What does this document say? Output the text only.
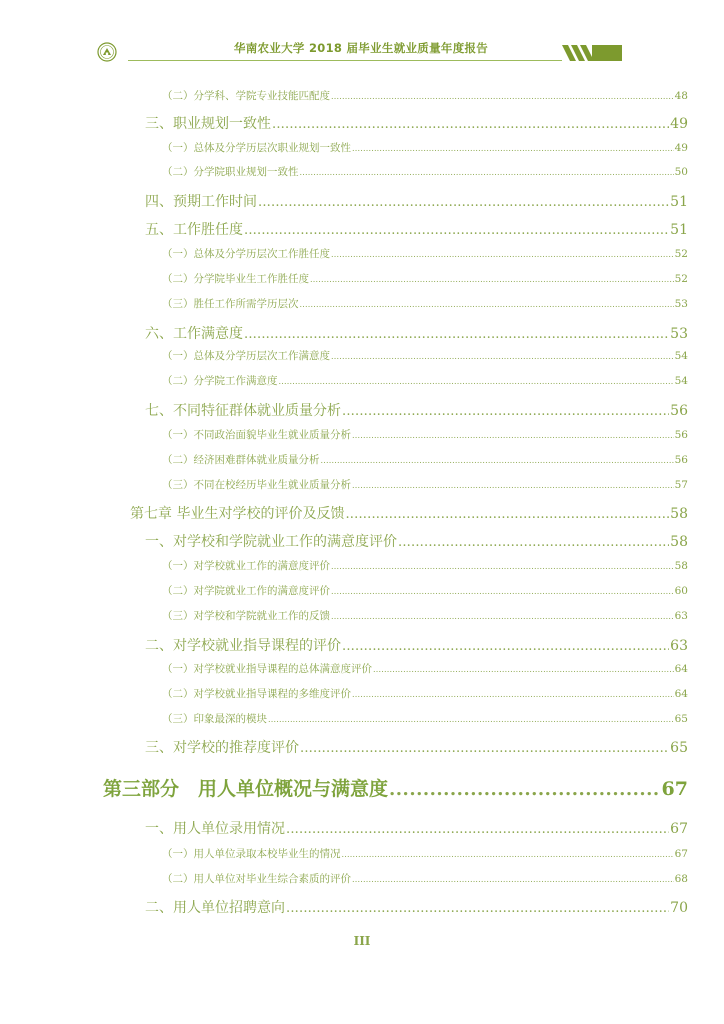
华南农业大学 2018 届毕业生就业质量年度报告
（二）分学科、学院专业技能匹配度 .....	48
三、职业规划一致性 .....	49
（一）总体及分学历层次职业规划一致性 .....	49
（二）分学院职业规划一致性 .....	50
四、预期工作时间 .....	51
五、工作胜任度 .....	51
（一）总体及分学历层次工作胜任度 .....	52
（二）分学院毕业生工作胜任度 .....	52
（三）胜任工作所需学历层次 .....	53
六、工作满意度 .....	53
（一）总体及分学历层次工作满意度 .....	54
（二）分学院工作满意度 .....	54
七、不同特征群体就业质量分析 .....	56
（一）不同政治面貌毕业生就业质量分析 .....	56
（二）经济困难群体就业质量分析 .....	56
（三）不同在校经历毕业生就业质量分析 .....	57
第七章 毕业生对学校的评价及反馈 .....	58
一、对学校和学院就业工作的满意度评价 .....	58
（一）对学校就业工作的满意度评价 .....	58
（二）对学院就业工作的满意度评价 .....	60
（三）对学校和学院就业工作的反馈 .....	63
二、对学校就业指导课程的评价 .....	63
（一）对学校就业指导课程的总体满意度评价 .....	64
（二）对学校就业指导课程的多维度评价 .....	64
（三）印象最深的模块 .....	65
三、对学校的推荐度评价 .....	65
第三部分　用人单位概况与满意度 .....	67
一、用人单位录用情况 .....	67
（一）用人单位录取本校毕业生的情况 .....	67
（二）用人单位对毕业生综合素质的评价 .....	68
二、用人单位招聘意向 .....	70
III
